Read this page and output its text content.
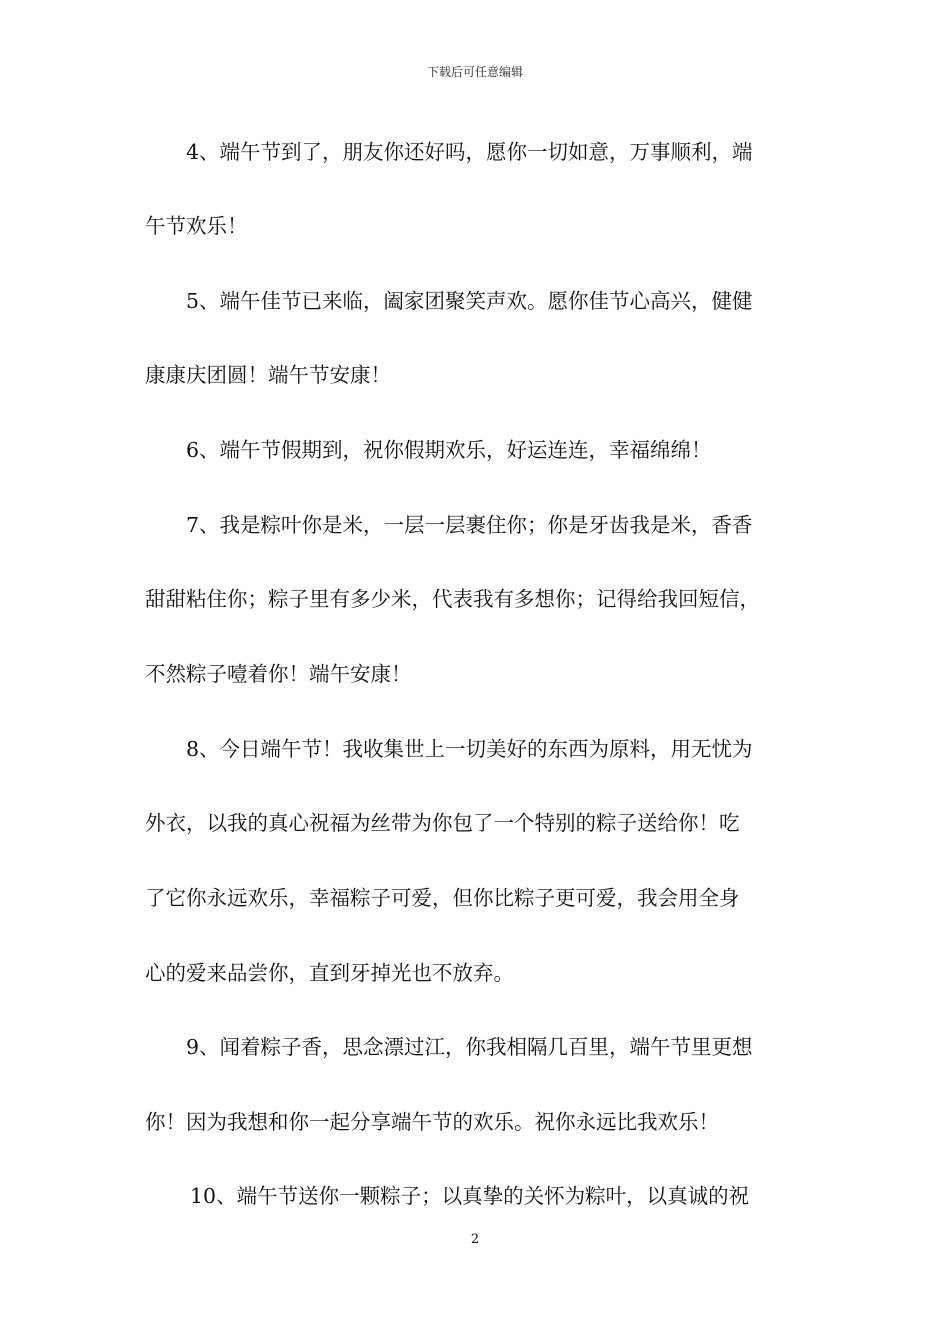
下载后可任意编辑
4、端午节到了，朋友你还好吗，愿你一切如意，万事顺利，端
午节欢乐！
5、端午佳节已来临，阖家团聚笑声欢。愿你佳节心高兴，健健
康康庆团圆！端午节安康！
6、端午节假期到，祝你假期欢乐，好运连连，幸福绵绵！
7、我是粽叶你是米，一层一层裹住你；你是牙齿我是米，香香
甜甜粘住你；粽子里有多少米，代表我有多想你；记得给我回短信，
不然粽子噎着你！端午安康！
8、今日端午节！我收集世上一切美好的东西为原料，用无忧为
外衣，以我的真心祝福为丝带为你包了一个特别的粽子送给你！吃
了它你永远欢乐，幸福粽子可爱，但你比粽子更可爱，我会用全身
心的爱来品尝你，直到牙掉光也不放弃。
9、闻着粽子香，思念漂过江，你我相隔几百里，端午节里更想
你！因为我想和你一起分享端午节的欢乐。祝你永远比我欢乐！
10、端午节送你一颗粽子；以真挚的关怀为粽叶，以真诚的祝
2
